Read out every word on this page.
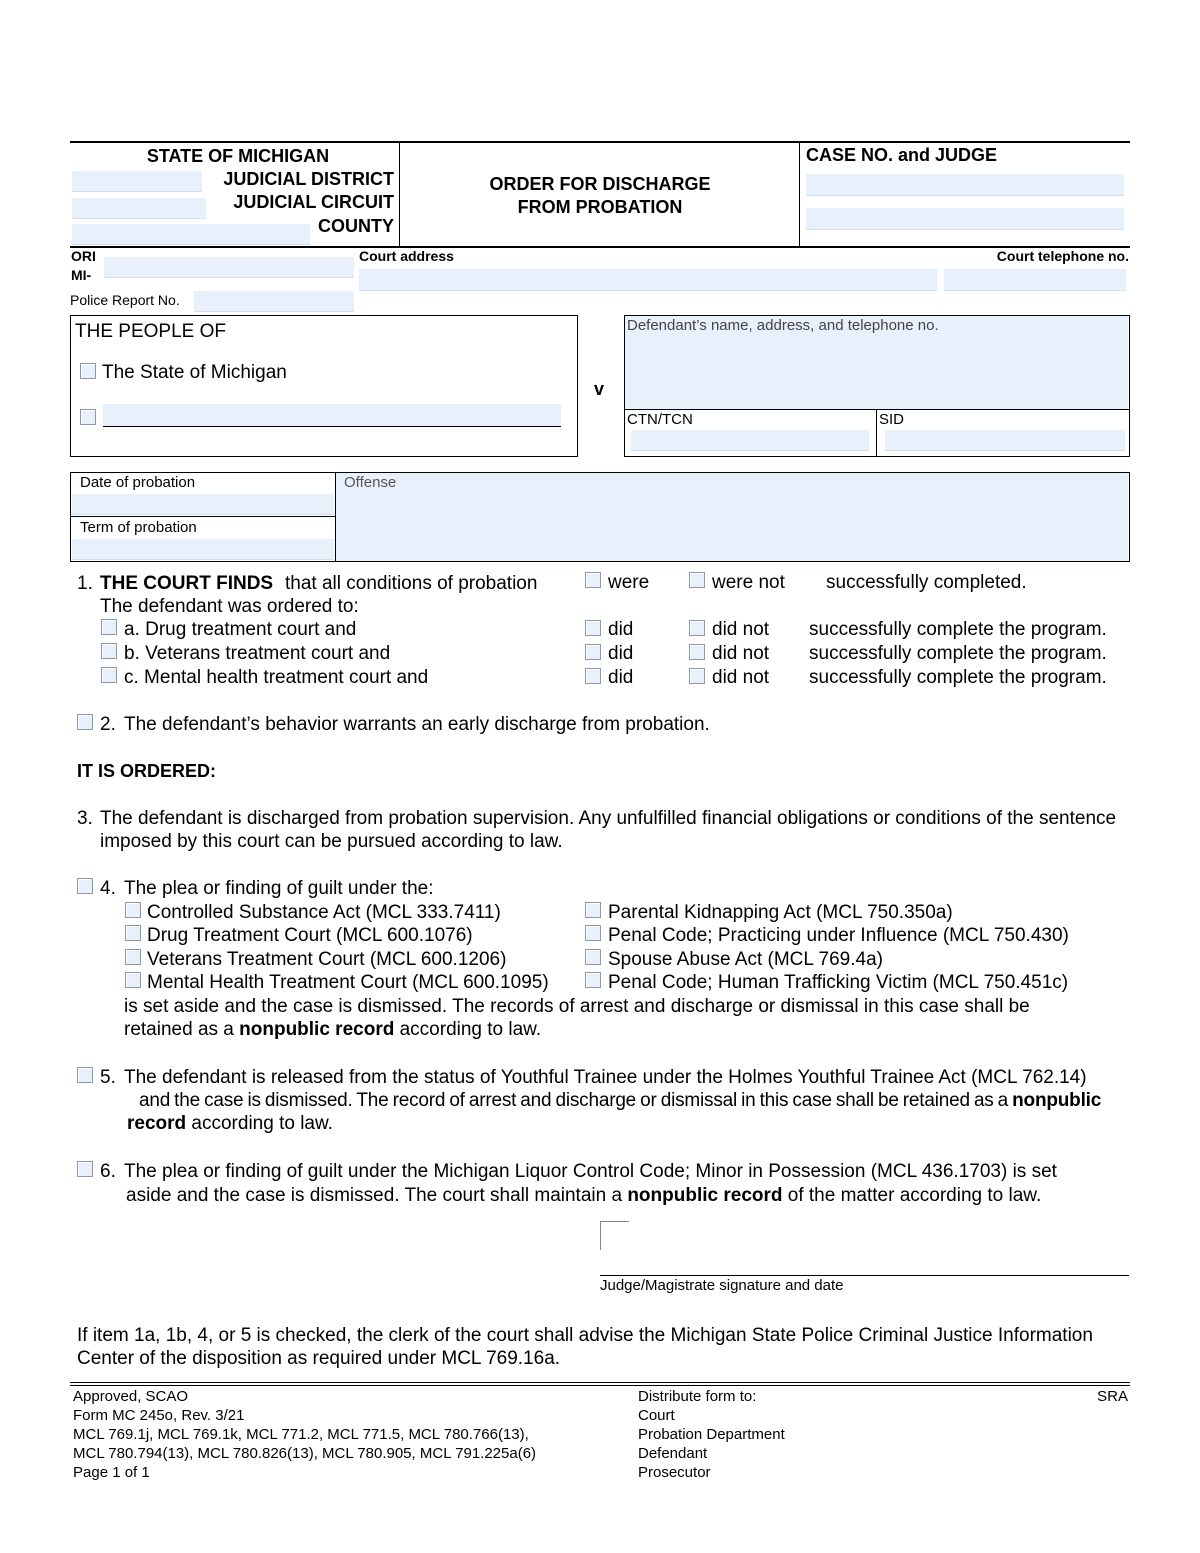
STATE OF MICHIGAN
JUDICIAL DISTRICT
JUDICIAL CIRCUIT
COUNTY
ORDER FOR DISCHARGE
FROM PROBATION
CASE NO. and JUDGE
ORI
MI-
Court address	Court telephone no.
Police Report No.
THE PEOPLE OF
The State of Michigan
v
Defendant’s name, address, and telephone no.
CTN/TCN	SID
Date of probation
Term of probation
Offense
1. THE COURT FINDS that all conditions of probation	were	were not successfully completed.
The defendant was ordered to:
a. Drug treatment court and	did	did not successfully complete the program.
b. Veterans treatment court and	did	did not successfully complete the program.
c. Mental health treatment court and	did	did not successfully complete the program.
2. The defendant’s behavior warrants an early discharge from probation.
IT IS ORDERED:
3. The defendant is discharged from probation supervision. Any unfulfilled financial obligations or conditions of the sentence
imposed by this court can be pursued according to law.
4. The plea or finding of guilt under the:
Controlled Substance Act (MCL 333.7411)
Drug Treatment Court (MCL 600.1076)
Veterans Treatment Court (MCL 600.1206)
Mental Health Treatment Court (MCL 600.1095)
Parental Kidnapping Act (MCL 750.350a)
Penal Code; Practicing under Influence (MCL 750.430)
Spouse Abuse Act (MCL 769.4a)
Penal Code; Human Trafficking Victim (MCL 750.451c)
is set aside and the case is dismissed. The records of arrest and discharge or dismissal in this case shall be
retained as a nonpublic record according to law.
5. The defendant is released from the status of Youthful Trainee under the Holmes Youthful Trainee Act (MCL 762.14)
and the case is dismissed. The record of arrest and discharge or dismissal in this case shall be retained as a nonpublic
record according to law.
6. The plea or finding of guilt under the Michigan Liquor Control Code; Minor in Possession (MCL 436.1703) is set
aside and the case is dismissed. The court shall maintain a nonpublic record of the matter according to law.
Judge/Magistrate signature and date
If item 1a, 1b, 4, or 5 is checked, the clerk of the court shall advise the Michigan State Police Criminal Justice Information
Center of the disposition as required under MCL 769.16a.
Approved, SCAO
Form MC 245o, Rev. 3/21
MCL 769.1j, MCL 769.1k, MCL 771.2, MCL 771.5, MCL 780.766(13),
MCL 780.794(13), MCL 780.826(13), MCL 780.905, MCL 791.225a(6)
Page 1 of 1
Distribute form to:
Court
Probation Department
Defendant
Prosecutor
SRA
